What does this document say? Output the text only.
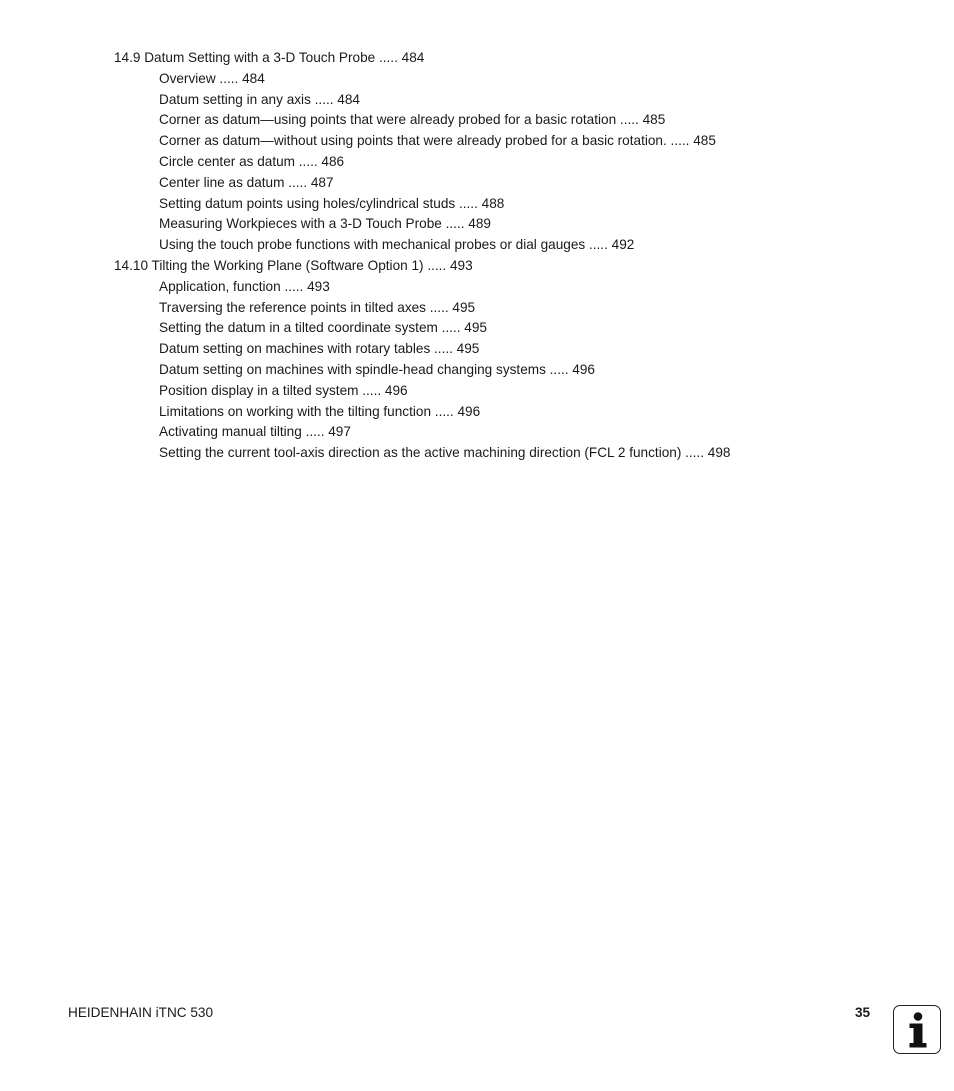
14.9 Datum Setting with a 3-D Touch Probe ..... 484
Overview ..... 484
Datum setting in any axis ..... 484
Corner as datum—using points that were already probed for a basic rotation ..... 485
Corner as datum—without using points that were already probed for a basic rotation. ..... 485
Circle center as datum ..... 486
Center line as datum ..... 487
Setting datum points using holes/cylindrical studs ..... 488
Measuring Workpieces with a 3-D Touch Probe ..... 489
Using the touch probe functions with mechanical probes or dial gauges ..... 492
14.10 Tilting the Working Plane (Software Option 1) ..... 493
Application, function ..... 493
Traversing the reference points in tilted axes ..... 495
Setting the datum in a tilted coordinate system ..... 495
Datum setting on machines with rotary tables ..... 495
Datum setting on machines with spindle-head changing systems ..... 496
Position display in a tilted system ..... 496
Limitations on working with the tilting function ..... 496
Activating manual tilting ..... 497
Setting the current tool-axis direction as the active machining direction (FCL 2 function) ..... 498
HEIDENHAIN iTNC 530	35
